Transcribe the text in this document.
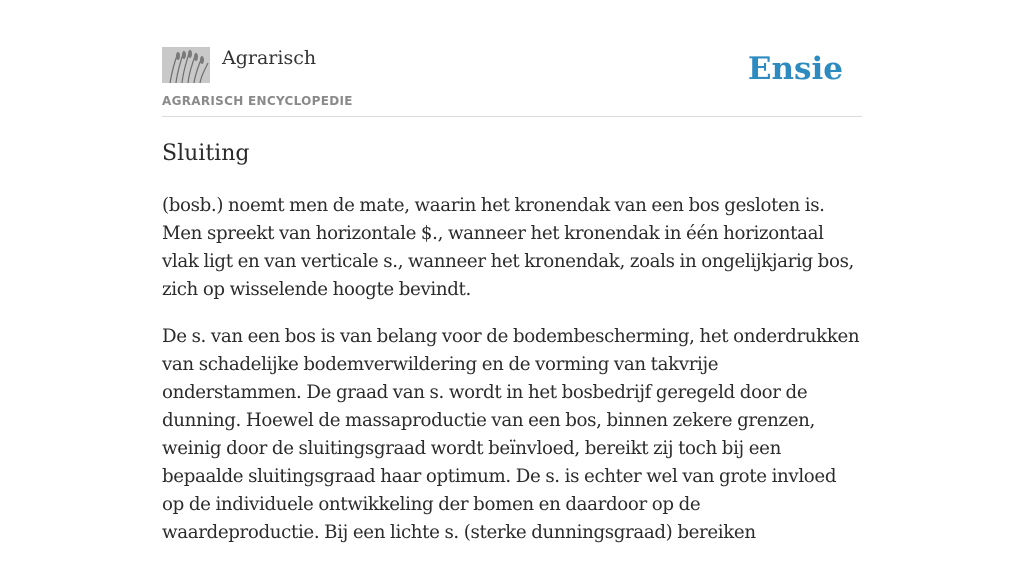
Agrarisch
AGRARISCH ENCYCLOPEDIE
Ensie
Sluiting

(bosb.) noemt men de mate, waarin het kronendak van een bos gesloten is. Men spreekt van horizontale $., wanneer het kronendak in één horizontaal vlak ligt en van verticale s., wanneer het kronendak, zoals in ongelijkjarig bos, zich op wisselende hoogte bevindt.

De s. van een bos is van belang voor de bodembescherming, het onderdrukken van schadelijke bodemverwildering en de vorming van takvrije onderstammen. De graad van s. wordt in het bosbedrijf geregeld door de dunning. Hoewel de massaproductie van een bos, binnen zekere grenzen, weinig door de sluitingsgraad wordt beïnvloed, bereikt zij toch bij een bepaalde sluitingsgraad haar optimum. De s. is echter wel van grote invloed op de individuele ontwikkeling der bomen en daardoor op de waardeproductie. Bij een lichte s. (sterke dunningsgraad) bereiken
